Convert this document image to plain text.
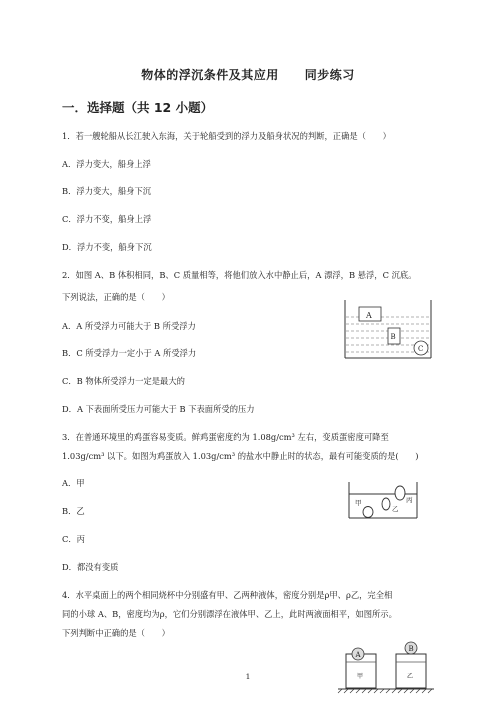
物体的浮沉条件及其应用 同步练习
一．选择题（共 12 小题）
1．若一艘轮船从长江驶入东海，关于轮船受到的浮力及船身状况的判断，正确是（　　）
A．浮力变大，船身上浮
B．浮力变大，船身下沉
C．浮力不变，船身上浮
D．浮力不变，船身下沉
2．如图 A、B 体积相同，B、C 质量相等，将他们放入水中静止后，A 漂浮，B 悬浮，C 沉底。
下列说法，正确的是（　　）
A．A 所受浮力可能大于 B 所受浮力
B．C 所受浮力一定小于 A 所受浮力
C．B 物体所受浮力一定是最大的
D．A 下表面所受压力可能大于 B 下表面所受的压力
A
B
C
3．在普通环境里的鸡蛋容易变质。鲜鸡蛋密度约为 1.08g/cm³ 左右，变质蛋密度可降至
1.03g/cm³ 以下。如图为鸡蛋放入 1.03g/cm³ 的盐水中静止时的状态，最有可能变质的是(　　)
A．甲
B．乙
C．丙
D．都没有变质
丙
乙
甲
4．水平桌面上的两个相同烧杯中分别盛有甲、乙两种液体，密度分别是ρ甲、ρ乙，完全相
同的小球 A、B，密度均为ρ，它们分别漂浮在液体甲、乙上，此时两液面相平，如图所示。
下列判断中正确的是（　　）
A
B
甲	乙
1
